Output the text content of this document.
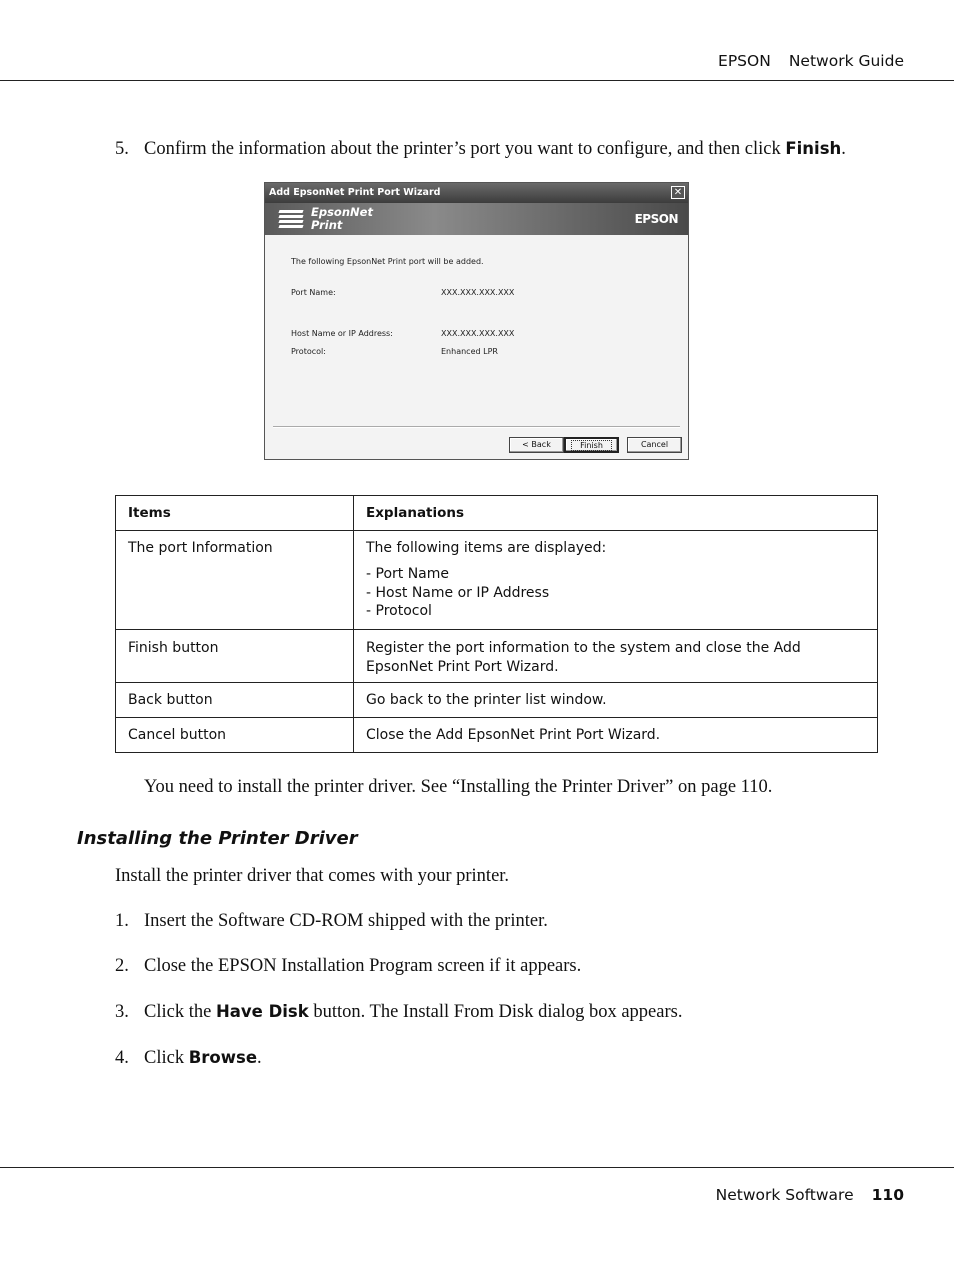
EPSON Network Guide
5. Confirm the information about the printer’s port you want to configure, and then click Finish.
Add EpsonNet Print Port Wizard	✕
EpsonNet
Print	EPSON
The following EpsonNet Print port will be added.
Port Name:	XXX.XXX.XXX.XXX
Host Name or IP Address:	XXX.XXX.XXX.XXX
Protocol:	Enhanced LPR
< Back	Finish	Cancel
Items	Explanations
The port Information	The following items are displayed:
- Port Name
- Host Name or IP Address
- Protocol

Finish button	Register the port information to the system and close the Add EpsonNet Print Port Wizard.
Back button	Go back to the printer list window.
Cancel button	Close the Add EpsonNet Print Port Wizard.
You need to install the printer driver. See “Installing the Printer Driver” on page 110.
Installing the Printer Driver
Install the printer driver that comes with your printer.
1. Insert the Software CD-ROM shipped with the printer.
2. Close the EPSON Installation Program screen if it appears.
3. Click the Have Disk button. The Install From Disk dialog box appears.
4. Click Browse.
Network Software 110
